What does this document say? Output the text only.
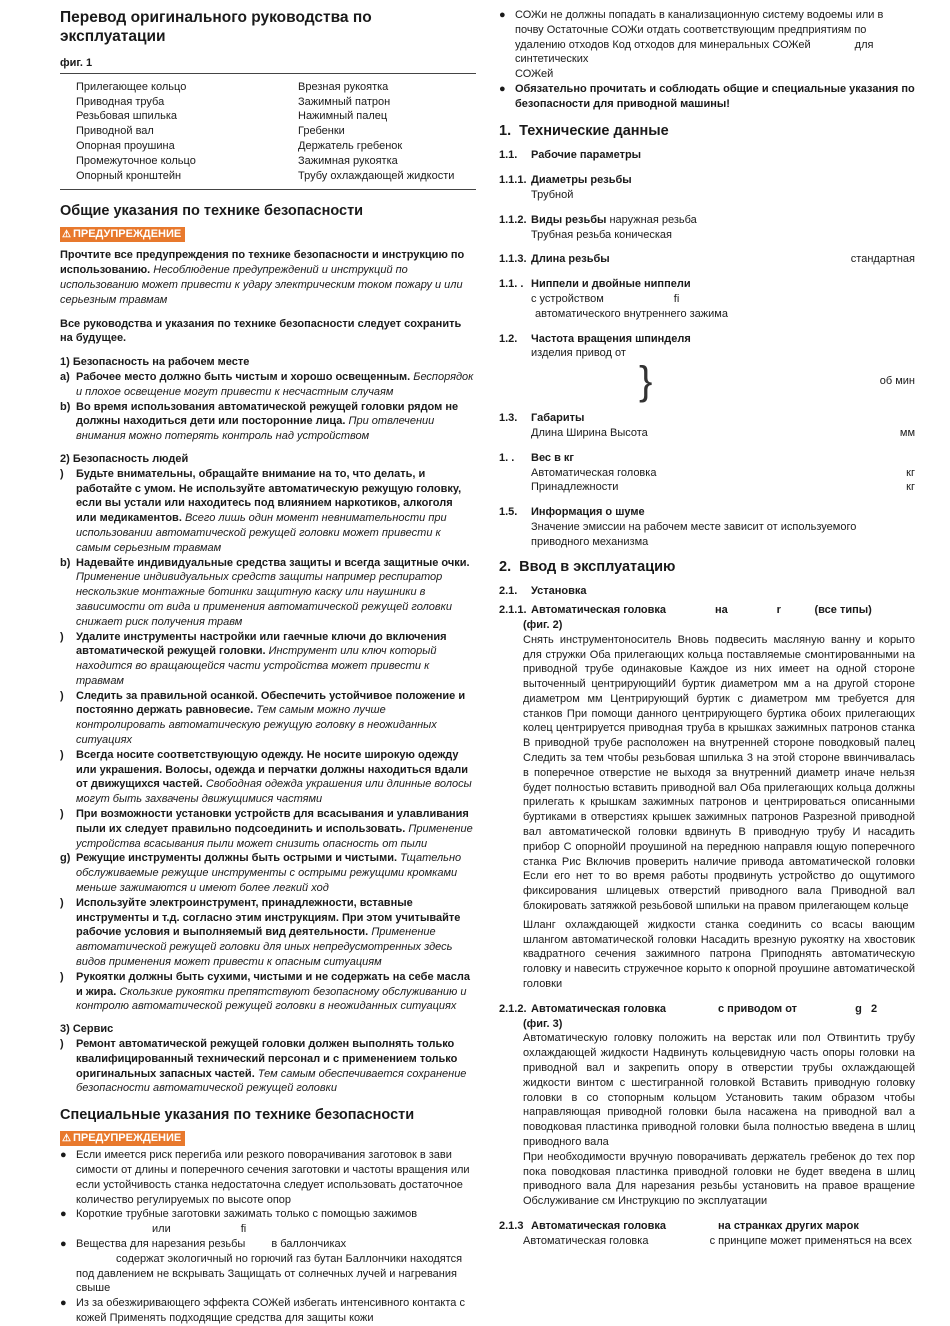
Перевод оригинального руководства по эксплуатации
фиг. 1
Прилегающее кольцо	Врезная рукоятка
Приводная труба	Зажимный патрон
Резьбовая шпилька	Нажимный палец
Приводной вал	Гребенки
Опорная проушина	Держатель гребенок
Промежуточное кольцо	Зажимная рукоятка
Опорный кронштейн	Трубу охлаждающей жидкости
Общие указания по технике безопасности
⚠ ПРЕДУПРЕЖДЕНИЕ

Прочтите все предупреждения по технике безопасности и инструкцию по использованию. Несоблюдение предупреждений и инструкций по использованию может привести к удару электрическим током пожару и или серьезным травмам

Все руководства и указания по технике безопасности следует сохранить на будущее.

1) Безопасность на рабочем месте
a) Рабочее место должно быть чистым и хорошо освещенным. Беспорядок и плохое освещение могут привести к несчастным случаям
b) Во время использования автоматической режущей головки рядом не должны находиться дети или посторонние лица. При отвлечении внимания можно потерять контроль над устройством
2) Безопасность людей
)	Будьте внимательны, обращайте внимание на то, что делать, и работайте с умом. Не используйте автоматическую режущую головку, если вы устали или находитесь под влиянием наркотиков, алкоголя или медикаментов. Всего лишь один момент невнимательности при использовании автоматической режущей головки может привести к самым серьезным травмам
b) Надевайте индивидуальные средства защиты и всегда защитные очки. Применение индивидуальных средств защиты например респиратор нескользкие монтажные ботинки защитную каску или наушники в зависимости от вида и применения автоматической режущей головки снижает риск получения травм
)	Удалите инструменты настройки или гаечные ключи до включения автоматической режущей головки. Инструмент или ключ который находится во вращающейся части устройства может привести к травмам
)	Следить за правильной осанкой. Обеспечить устойчивое положение и постоянно держать равновесие. Тем самым можно лучше контролировать автоматическую режущую головку в неожиданных ситуациях
)	Всегда носите соответствующую одежду. Не носите широкую одежду или украшения. Волосы, одежда и перчатки должны находиться вдали от движущихся частей. Свободная одежда украшения или длинные волосы могут быть захвачены движущимися частями
)	При возможности установки устройств для всасывания и улавливания пыли их следует правильно подсоединить и использовать. Применение устройства всасывания пыли может снизить опасность от пыли
g) Режущие инструменты должны быть острыми и чистыми. Тщательно обслуживаемые режущие инструменты с острыми режущими кромками меньше зажимаются и имеют более легкий ход
)	Используйте электроинструмент, принадлежности, вставные инструменты и т.д. согласно этим инструкциям. При этом учитывайте рабочие условия и выполняемый вид деятельности. Применение автоматической режущей головки для иных непредусмотренных здесь видов применения может привести к опасным ситуациям
)	Рукоятки должны быть сухими, чистыми и не содержать на себе масла и жира. Скользкие рукоятки препятствуют безопасному обслуживанию и контролю автоматической режущей головки в неожиданных ситуациях
3) Сервис
)	Ремонт автоматической режущей головки должен выполнять только квалифицированный технический персонал и с применением только оригинальных запасных частей. Тем самым обеспечивается сохранение безопасности автоматической режущей головки
Специальные указания по технике безопасности
⚠ ПРЕДУПРЕЖДЕНИЕ
● Если имеется риск перегиба или резкого поворачивания заготовок в зави симости от длины и поперечного сечения заготовки и частоты вращения или если устойчивость станка недостаточна следует использовать достаточное количество регулируемых по высоте опор
● Короткие трубные заготовки зажимать только с помощью зажимов
или	fi
● Вещества для нарезания резьбы в баллончиках
содержат экологичный но горючий газ бутан Баллончики находятся под давлением не вскрывать Защищать от солнечных лучей и нагревания свыше
● Из за обезжиривающего эффекта СОЖей избегать интенсивного контакта с кожей Применять подходящие средства для защиты кожи
● СОЖи не должны попадать в канализационную систему водоемы или в почву Остаточные СОЖи отдать соответствующим предприятиям по удалению отходов Код отходов для минеральных СОЖей	для синтетических
СОЖей
● Обязательно прочитать и соблюдать общие и специальные указания по безопасности для приводной машины!
1. Технические данные
1.1.	Рабочие параметры
1.1.1. Диаметры резьбы
Трубной
1.1.2. Виды резьбы наружная резьба
Трубная резьба коническая
1.1.3. Длина резьбы	стандартная
1.1. . Ниппели и двойные ниппели
с устройством	fi
автоматического внутреннего зажима
1.2.	Частота вращения шпинделя
изделия привод от
}	об мин
1.3.	Габариты
Длина Ширина Высота	мм
1. .	Вес в кг
Автоматическая головка	кг
Принадлежности	кг
1.5.	Информация о шуме
Значение эмиссии на рабочем месте зависит от используемого приводного механизма
2. Ввод в эксплуатацию
2.1.	Установка
2.1.1. Автоматическая головка                на                r           (все типы)
(фиг. 2)
Снять инструментоноситель Вновь подвесить масляную ванну и корыто для стружки Оба прилегающих кольца поставляемые смонтированными на приводной трубе одинаковые Каждое из них имеет на одной стороне выточенный центрирующийИ буртик диаметром мм а на другой стороне диаметром мм Центрирующий буртик с диаметром мм требуется для станков При помощи данного центрирующего буртика обоих прилегающих колец центрируется приводная труба в крышках зажимных патронов станка В приводной трубе расположен на внутренней стороне поводковый палец Следить за тем чтобы резьбовая шпилька 3 на этой стороне ввинчивалась в поперечное отверстие не выходя за внутренний диаметр иначе нельзя будет полностью вставить приводной вал Оба прилегающих кольца должны прилегать к крышкам зажимных патронов и центрироваться описанными буртиками в отверстиях крышек зажимных патронов Разрезной приводной вал автоматической головки вдвинуть В приводную трубу И насадить прибор С опорнойИ проушиной на переднюю направля ющую поперечного станка Рис Включив проверить наличие привода автоматической головки Если его нет то во время работы продвинуть устройство до ощутимого фиксирования шлицевых отверстий приводного вала Приводной вал блокировать затяжкой резьбовой шпильки на правом прилегающем кольце
Шланг охлаждающей жидкости станка соединить со всасы вающим шлангом автоматической головки Насадить врезную рукоятку на хвостовик квадратного сечения зажимного патрона Приподнять автоматическую головку и навесить стружечное корыто к опорной проушине автоматической головки
2.1.2. Автоматическая головка                 с приводом от                   g   2
(фиг. 3)
Автоматическую головку положить на верстак или пол Отвинтить трубу охлаждающей жидкости Надвинуть кольцевидную часть опоры головки на приводной вал и закрепить опору в отверстии трубы охлаждающей жидкости винтом с шестигранной головкой Вставить приводную головку головки в со стопорным кольцом Установить таким образом чтобы направляющая приводной головки была насажена на приводной вал а поводковая пластинка приводной головки была полностью введена в шлиц приводного вала
При необходимости вручную поворачивать держатель гребенок до тех пор пока поводковая пластинка приводной головки не будет введена в шлиц приводного вала Для нарезания резьбы установить на правое вращение Обслуживание см Инструкцию по эксплуатации
2.1.3 Автоматическая головка                 на странках других марок
Автоматическая головка                    с принципе может применяться на всех
